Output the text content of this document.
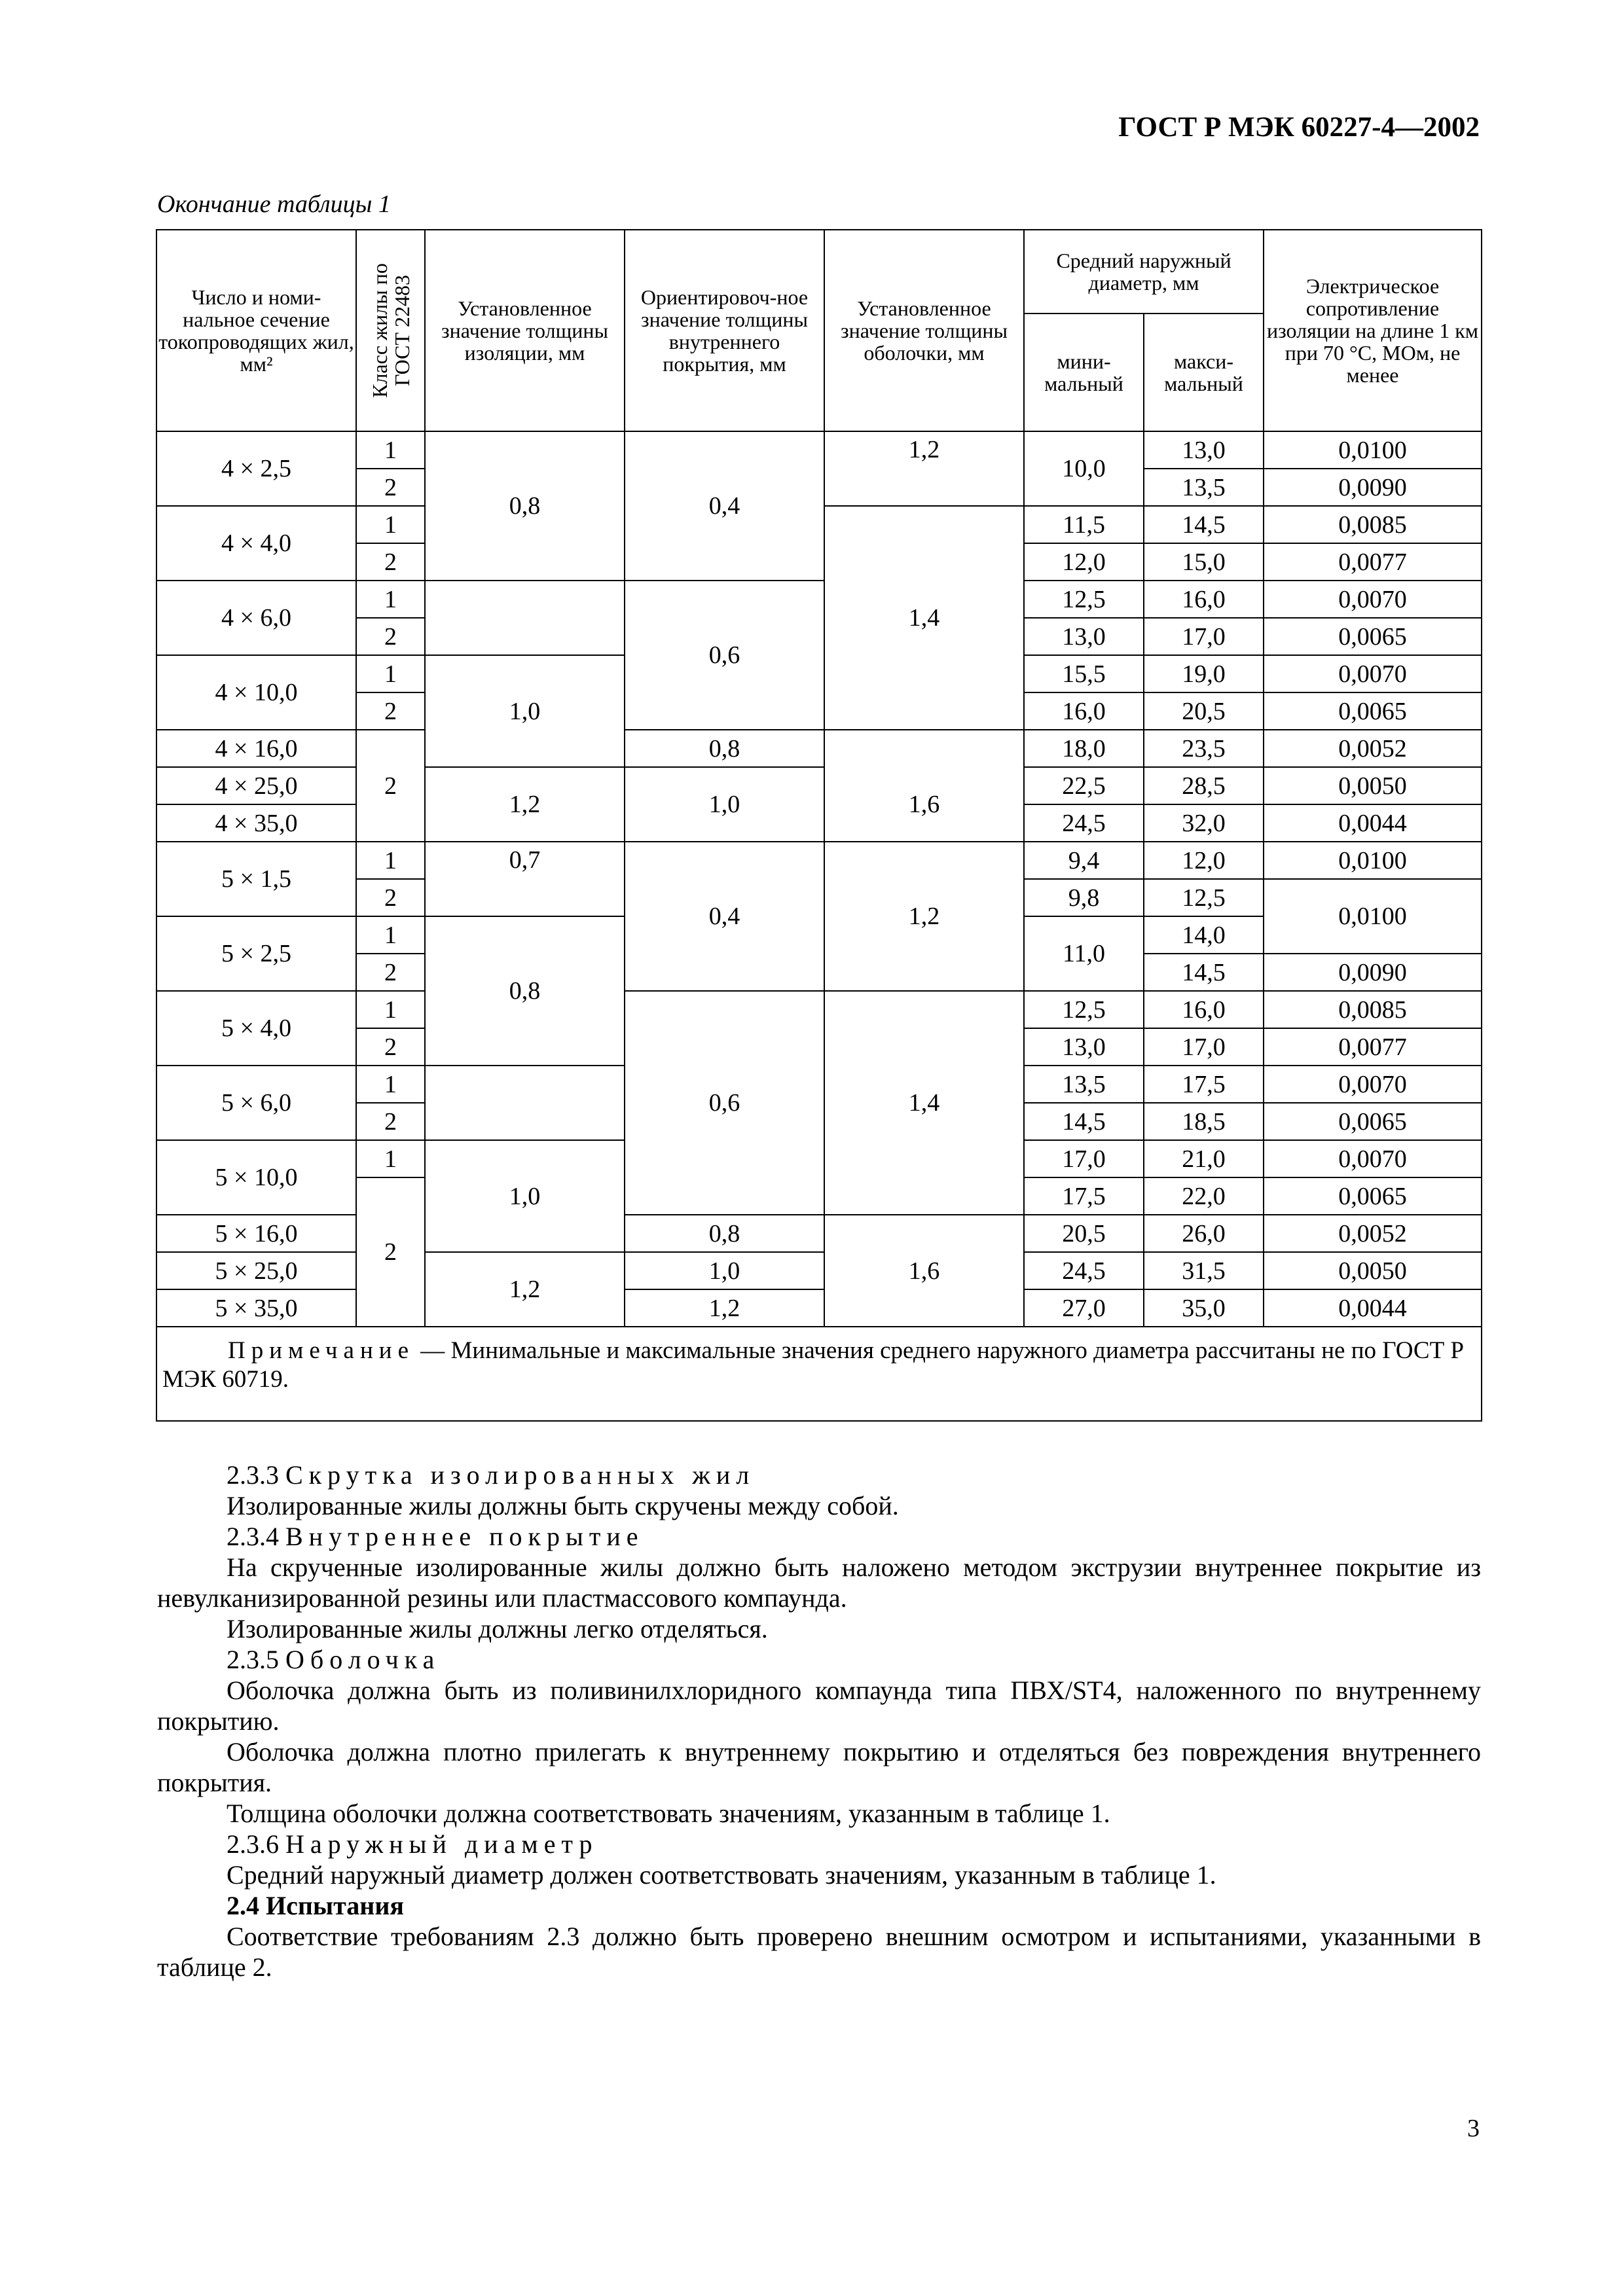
ГОСТ Р МЭК 60227-4—2002
Окончание таблицы 1
Число и номи-нальное сечение токопроводящих жил, мм²	Класс жилы по ГОСТ 22483	Установленное значение толщины изоляции, мм	Ориентировоч-ное значение толщины внутреннего покрытия, мм	Установленное значение толщины оболочки, мм	Средний наружный диаметр, мм		Электрическое сопротивление изоляции на длине 1 км при 70 °С, МОм, не менее
					мини-мальный	макси-мальный	
4 × 2,5	1	0,8	0,4	1,2	10,0	13,0	0,0100
	2					13,5	0,0090
4 × 4,0	1			1,4	11,5	14,5	0,0085
	2				12,0	15,0	0,0077
4 × 6,0	1		0,6		12,5	16,0	0,0070
	2				13,0	17,0	0,0065
4 × 10,0	1	1,0			15,5	19,0	0,0070
	2				16,0	20,5	0,0065
4 × 16,0	2		0,8		18,0	23,5	0,0052
4 × 25,0		1,2	1,0	1,6	22,5	28,5	0,0050
4 × 35,0					24,5	32,0	0,0044
5 × 1,5	1	0,7	0,4	1,2	9,4	12,0	0,0100
	2				9,8	12,5	0,0100
5 × 2,5	1	0,8			11,0	14,0	
	2					14,5	0,0090
5 × 4,0	1		0,6	1,4	12,5	16,0	0,0085
	2				13,0	17,0	0,0077
5 × 6,0	1				13,5	17,5	0,0070
	2				14,5	18,5	0,0065
5 × 10,0	1	1,0			17,0	21,0	0,0070
	2				17,5	22,0	0,0065
5 × 16,0			0,8	1,6	20,5	26,0	0,0052
5 × 25,0		1,2	1,0		24,5	31,5	0,0050
5 × 35,0			1,2		27,0	35,0	0,0044
Примечание — Минимальные и максимальные значения среднего наружного диаметра рассчитаны не по ГОСТ Р МЭК 60719.							

2.3.3 Скрутка изолированных жил

Изолированные жилы должны быть скручены между собой.

2.3.4 Внутреннее покрытие

На скрученные изолированные жилы должно быть наложено методом экструзии внутреннее покрытие из невулканизированной резины или пластмассового компаунда.

Изолированные жилы должны легко отделяться.

2.3.5 Оболочка

Оболочка должна быть из поливинилхлоридного компаунда типа ПВХ/ST4, наложенного по внутреннему покрытию.

Оболочка должна плотно прилегать к внутреннему покрытию и отделяться без повреждения внутреннего покрытия.

Толщина оболочки должна соответствовать значениям, указанным в таблице 1.

2.3.6 Наружный диаметр

Средний наружный диаметр должен соответствовать значениям, указанным в таблице 1.

2.4 Испытания

Соответствие требованиям 2.3 должно быть проверено внешним осмотром и испытаниями, указанными в таблице 2.

3
